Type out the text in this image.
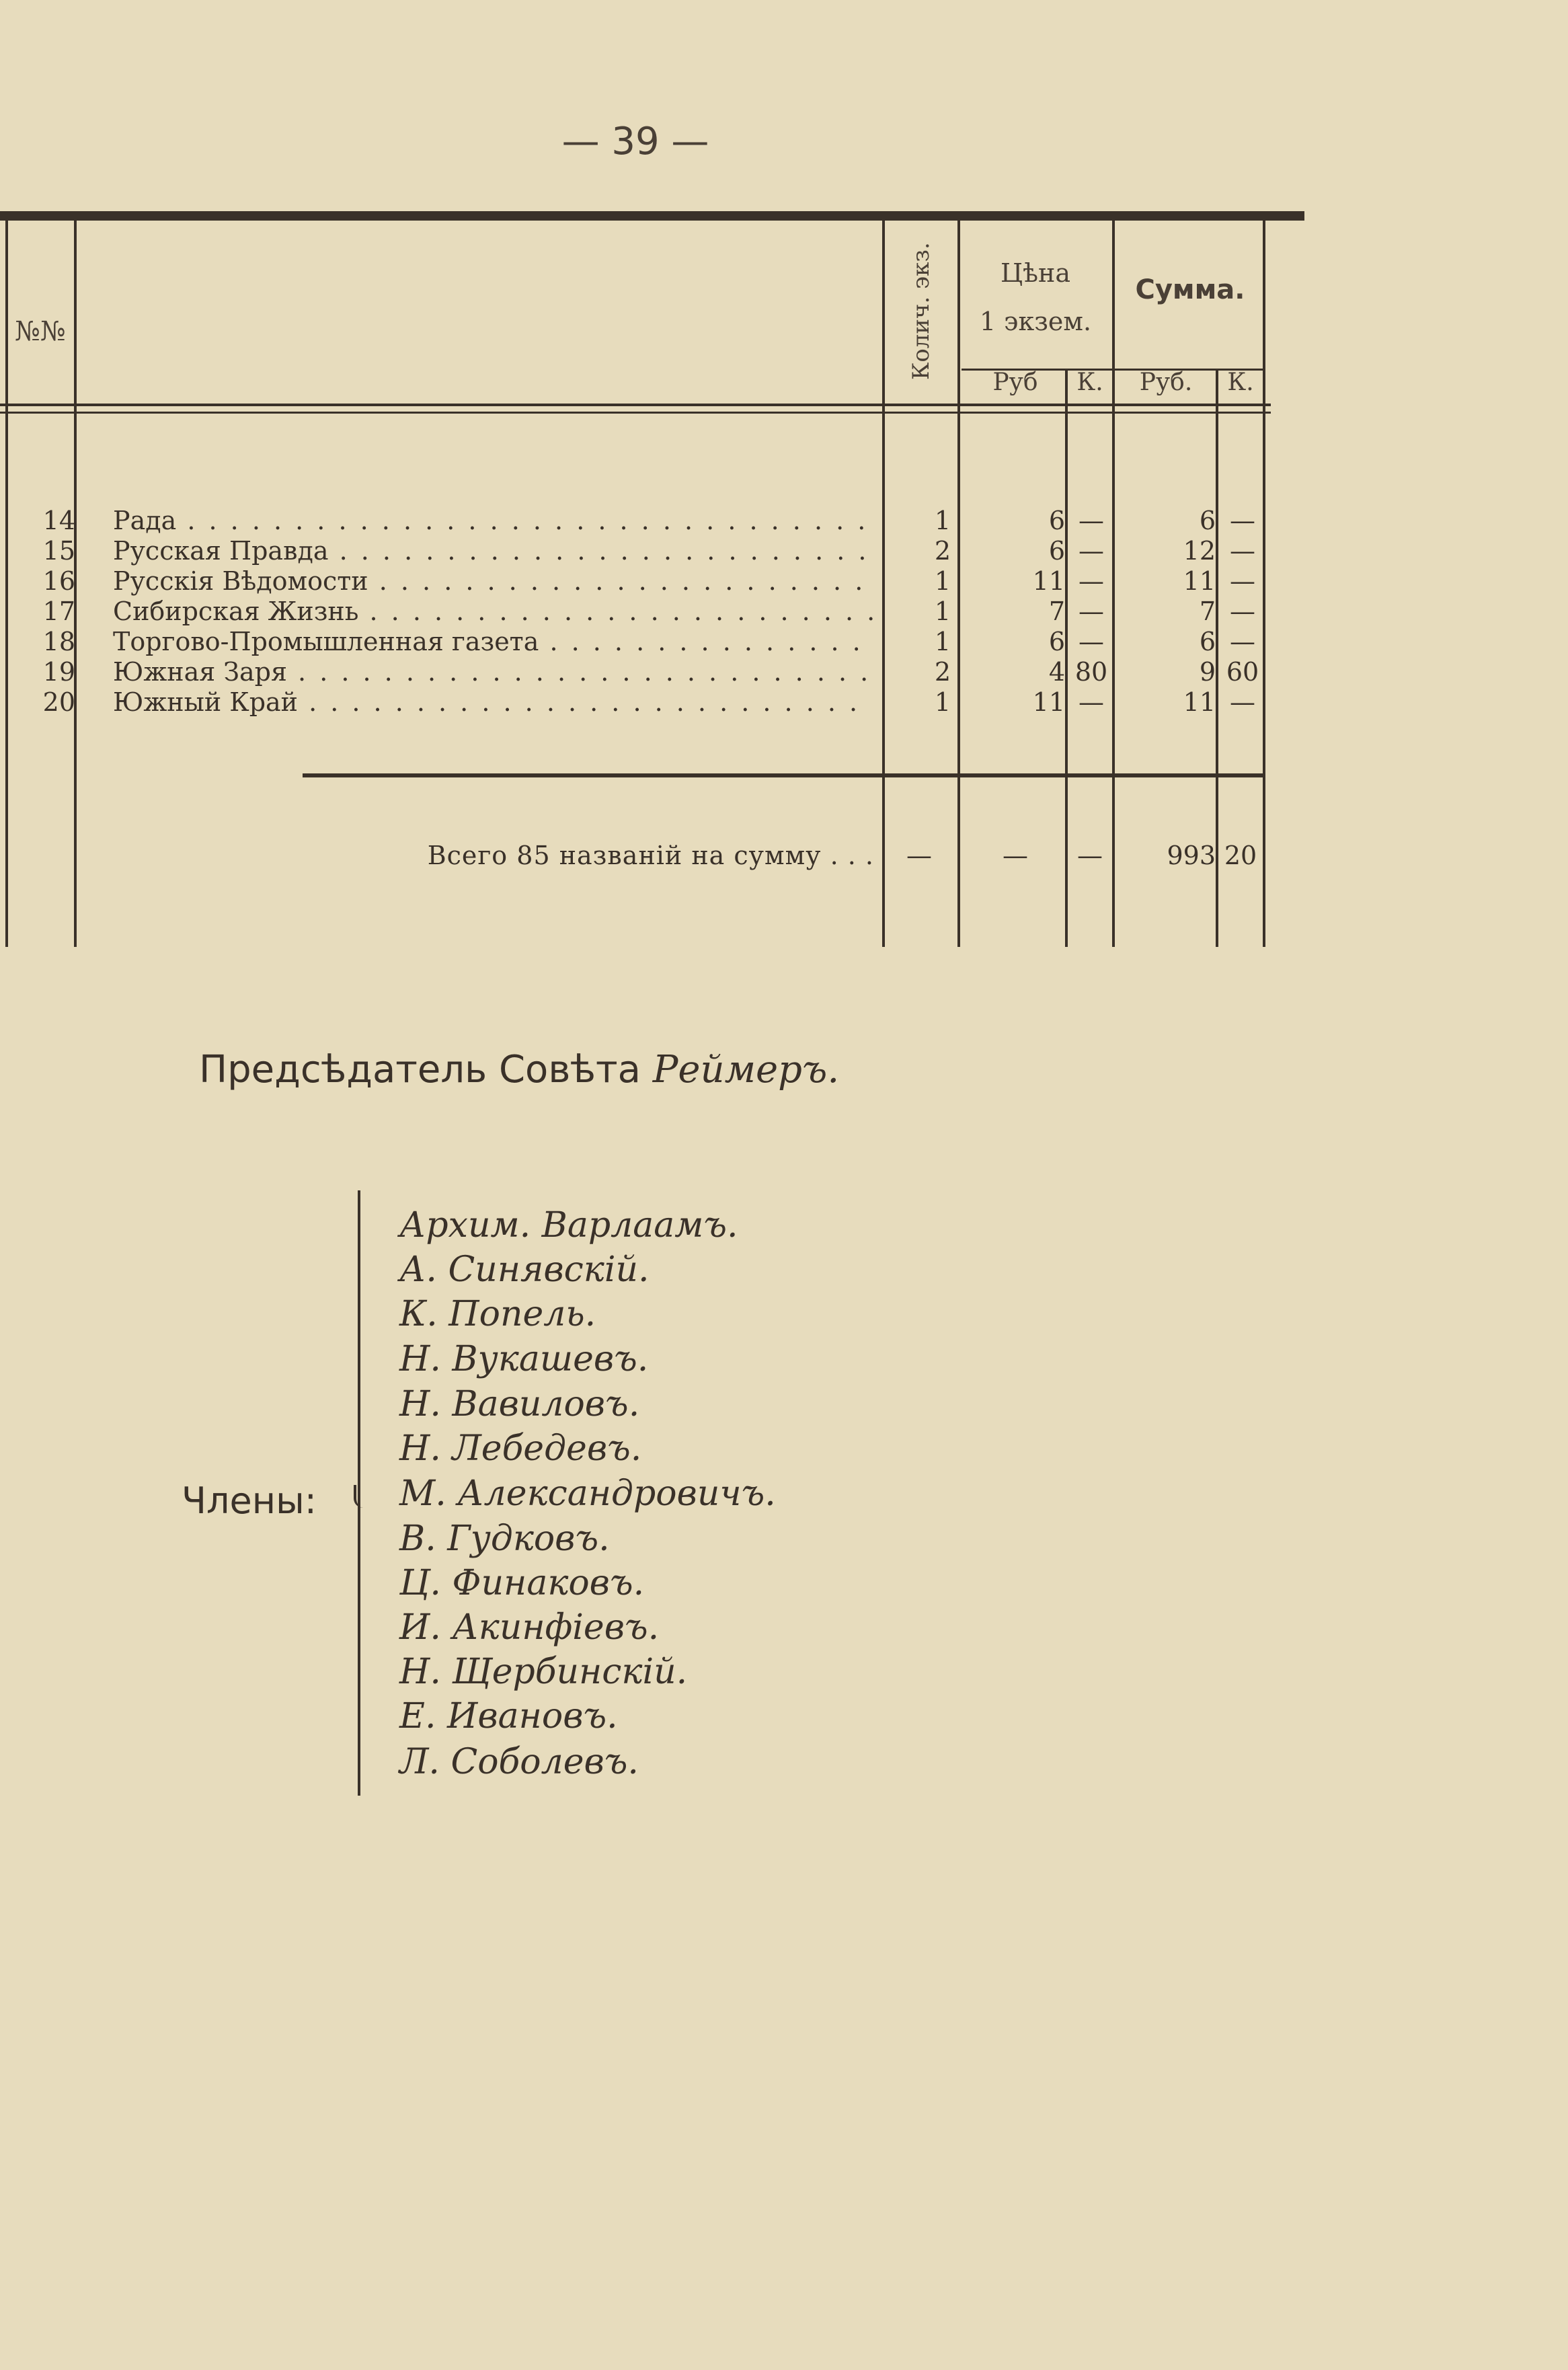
— 39 —
№№	Колич. экз.	Цѣна
1 экзем.
Сумма.
Руб	К.	Руб.	К.
14 Рада . . .	1	6 —	6 —
15 Русская Правда . . .	2	6 —	12 —
16 Русскія Вѣдомости . . .	1	11 —	11 —
17 Сибирская Жизнь . . .	1	7 —	7 —
18 Торгово-Промышленная газета . . .	1	6 —	6 —
19 Южная Заря . . .	2	4 80	9 60
20 Южный Край . . .	1	11 —	11 —
Всего 85 названій на сумму . . .	—	—	—	993 20
Предсѣдатель Совѣта Реймеръ.
Члены:
Архим. Варлаамъ.
А. Синявскій.
К. Попель.
Н. Вукашевъ.
Н. Вавиловъ.
Н. Лебедевъ.
М. Александровичъ.
В. Гудковъ.
Ц. Финаковъ.
И. Акинфіевъ.
Н. Щербинскій.
Е. Ивановъ.
Л. Соболевъ.
